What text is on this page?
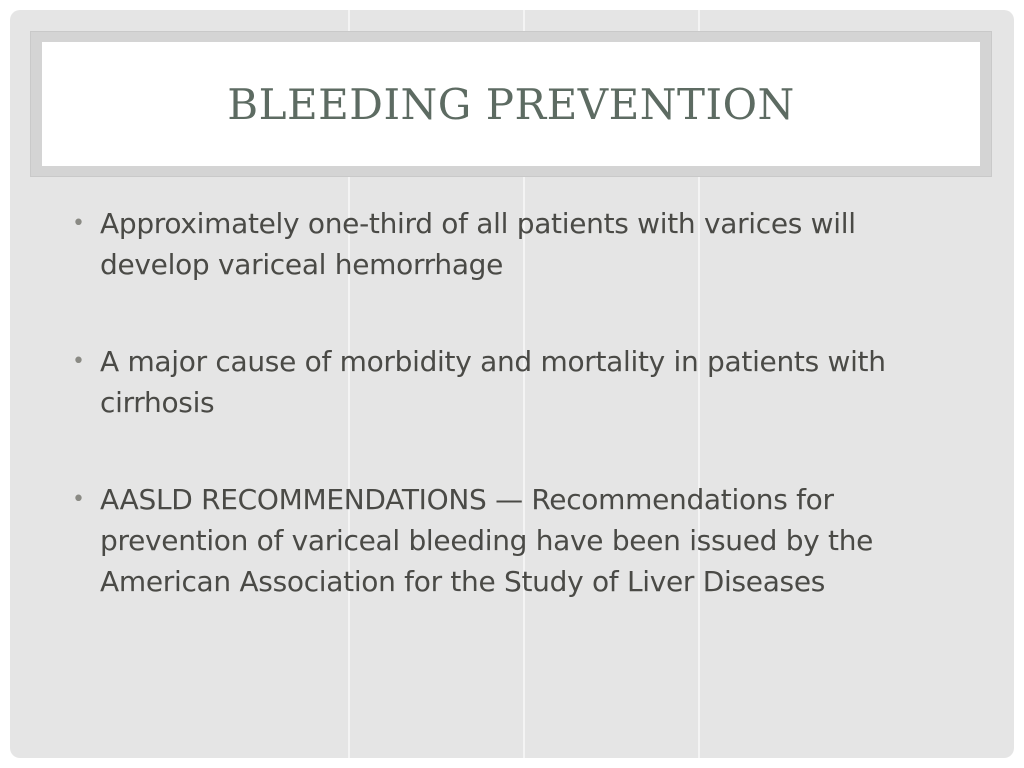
BLEEDING PREVENTION
• Approximately one-third of all patients with varices will develop variceal hemorrhage
• A major cause of morbidity and mortality in patients with cirrhosis
• AASLD RECOMMENDATIONS — Recommendations for prevention of variceal bleeding have been issued by the American Association for the Study of Liver Diseases
